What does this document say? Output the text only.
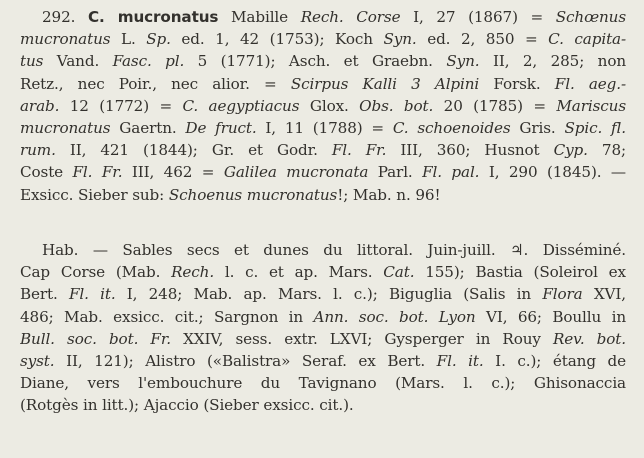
292. C. mucronatus Mabille Rech. Corse I, 27 (1867) = Schœnus
mucronatus L. Sp. ed. 1, 42 (1753); Koch Syn. ed. 2, 850 = C. capita-
tus Vand. Fasc. pl. 5 (1771); Asch. et Graebn. Syn. II, 2, 285; non
Retz., nec Poir., nec alior. = Scirpus Kalli 3 Alpini Forsk. Fl. aeg.-
arab. 12 (1772) = C. aegyptiacus Glox. Obs. bot. 20 (1785) = Mariscus
mucronatus Gaertn. De fruct. I, 11 (1788) = C. schoenoides Gris. Spic. fl.
rum. II, 421 (1844); Gr. et Godr. Fl. Fr. III, 360; Husnot Cyp. 78;
Coste Fl. Fr. III, 462 = Galilea mucronata Parl. Fl. pal. I, 290 (1845). —
Exsicc. Sieber sub: Schoenus mucronatus!; Mab. n. 96!
Hab. — Sables secs et dunes du littoral. Juin-juill. ♃. Disséminé.
Cap Corse (Mab. Rech. l. c. et ap. Mars. Cat. 155); Bastia (Soleirol ex
Bert. Fl. it. I, 248; Mab. ap. Mars. l. c.); Biguglia (Salis in Flora XVI,
486; Mab. exsicc. cit.; Sargnon in Ann. soc. bot. Lyon VI, 66; Boullu in
Bull. soc. bot. Fr. XXIV, sess. extr. LXVI; Gysperger in Rouy Rev. bot.
syst. II, 121); Alistro («Balistra» Seraf. ex Bert. Fl. it. I. c.); étang de
Diane, vers l'embouchure du Tavignano (Mars. l. c.); Ghisonaccia
(Rotgès in litt.); Ajaccio (Sieber exsicc. cit.).
